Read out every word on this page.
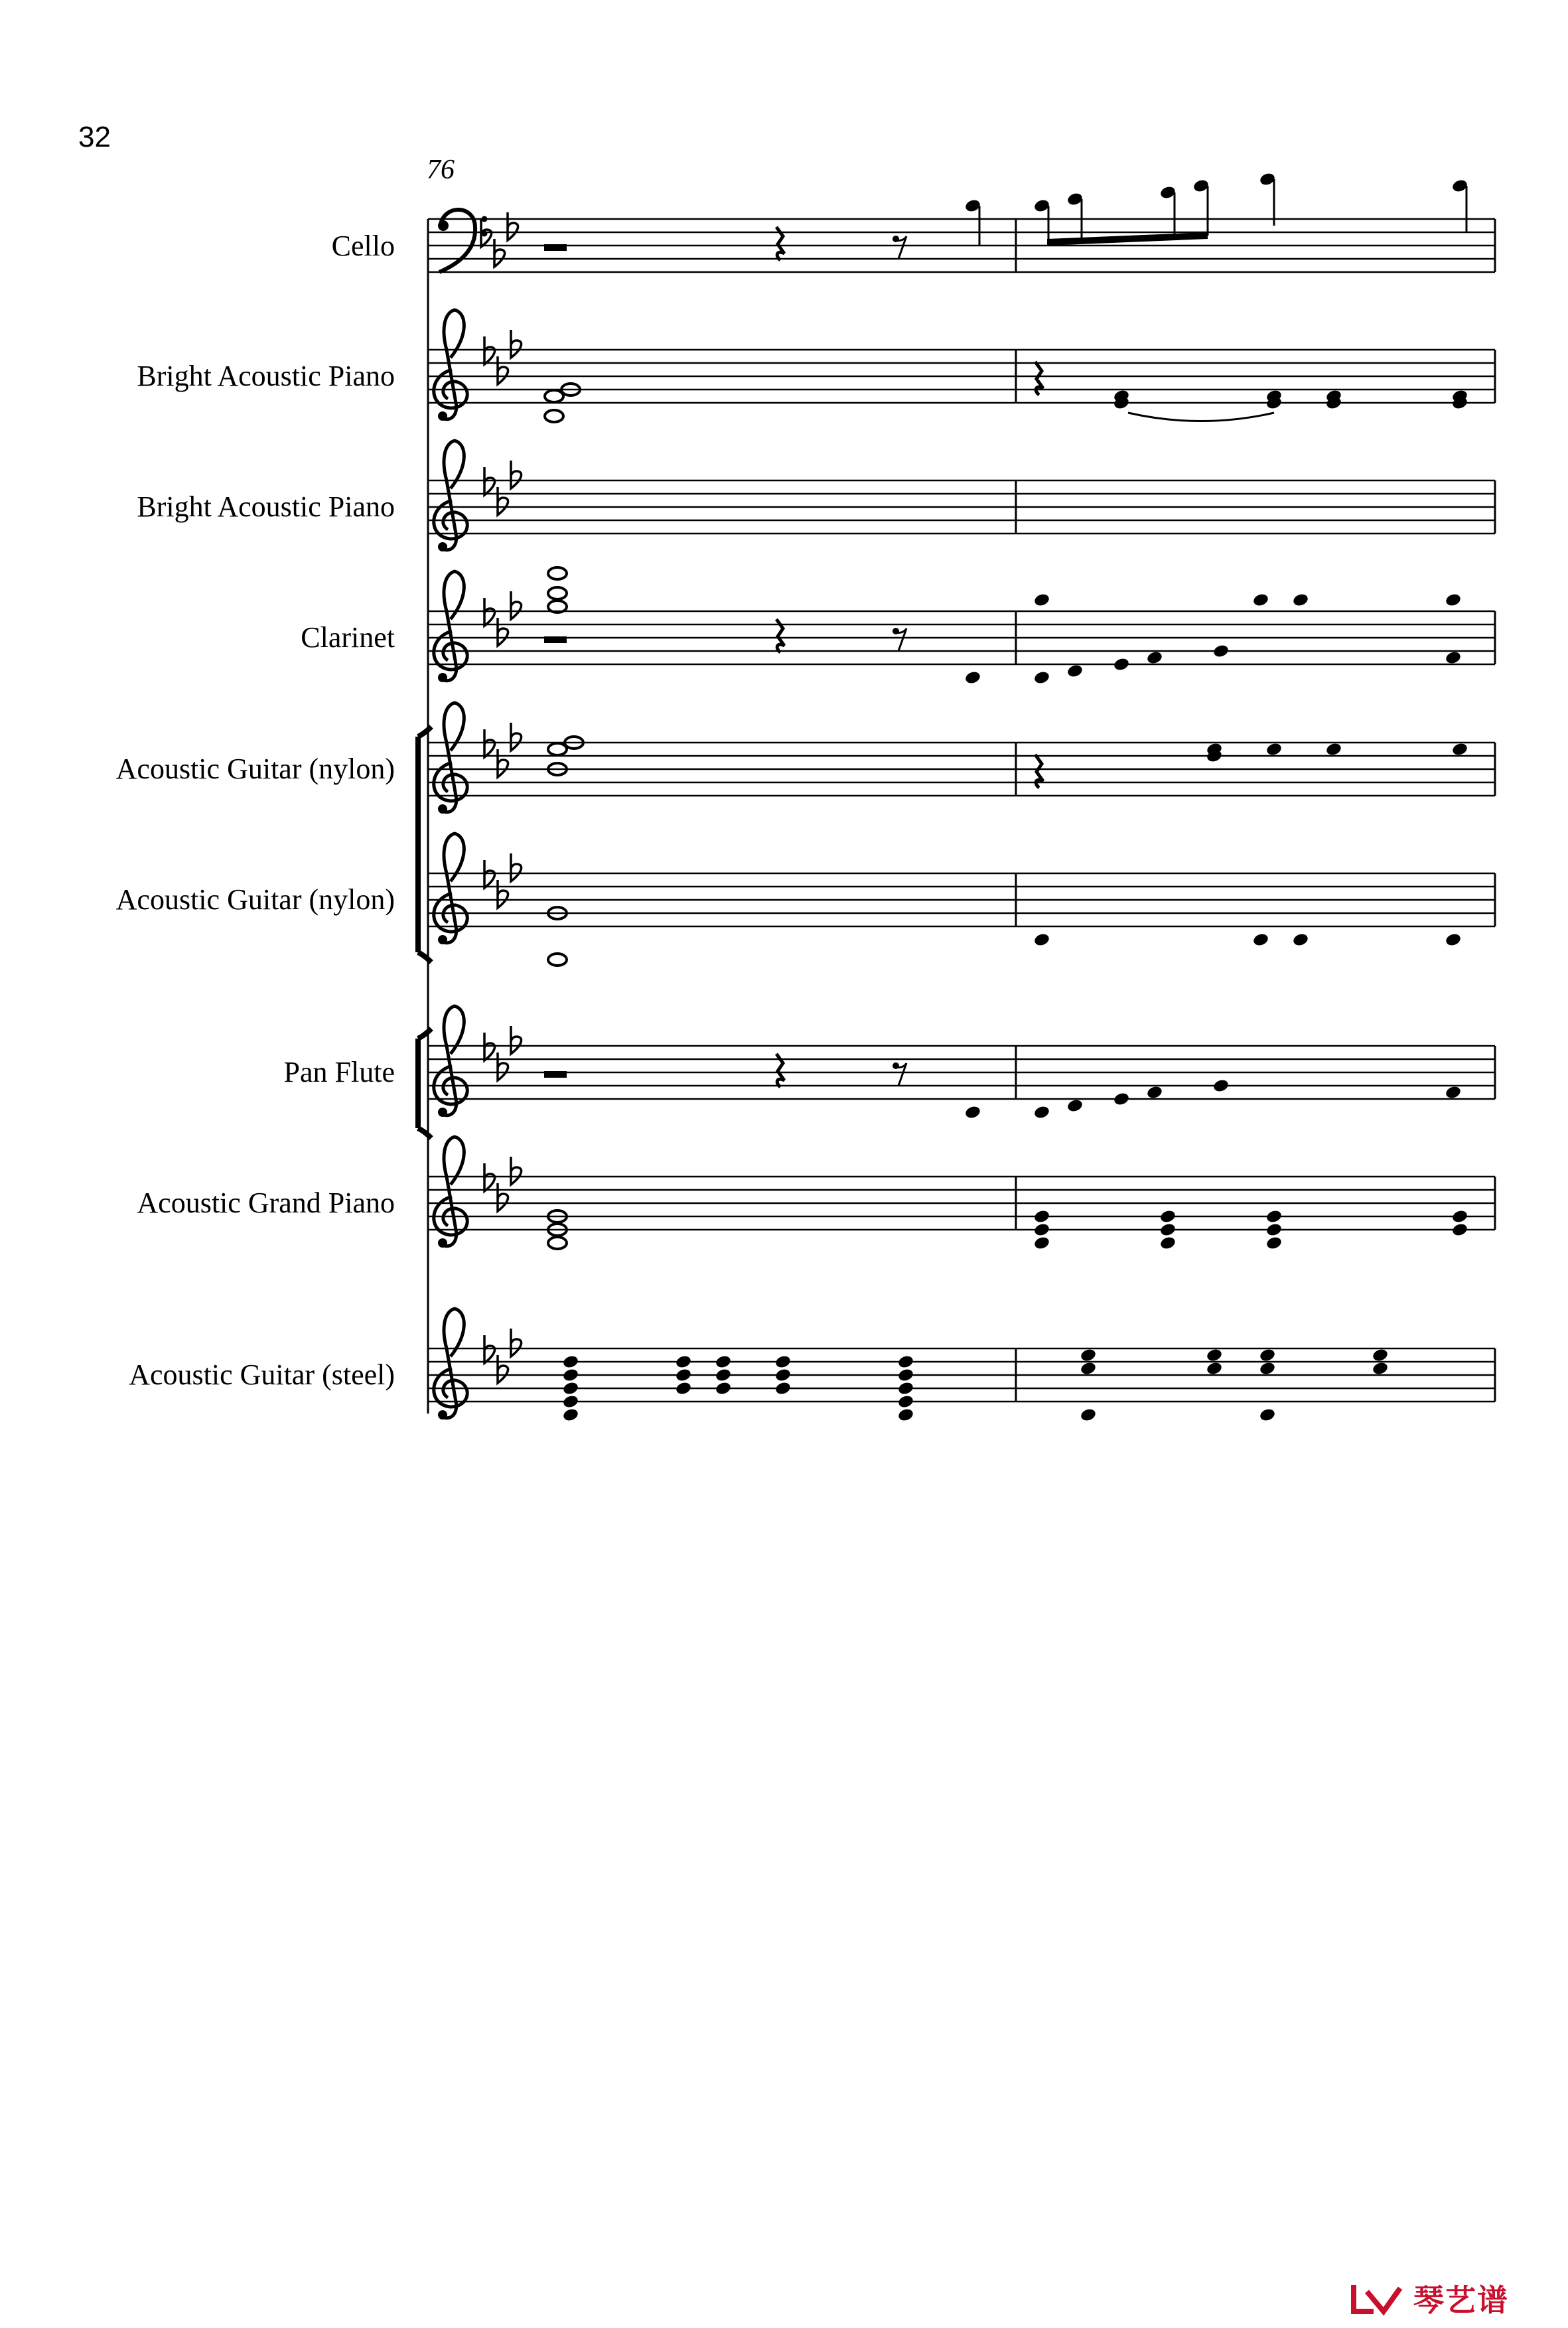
32
76
Cello
Bright Acoustic Piano
Bright Acoustic Piano
Clarinet
Acoustic Guitar (nylon)
Acoustic Guitar (nylon)
Pan Flute
Acoustic Grand Piano
Acoustic Guitar (steel)
琴艺谱
